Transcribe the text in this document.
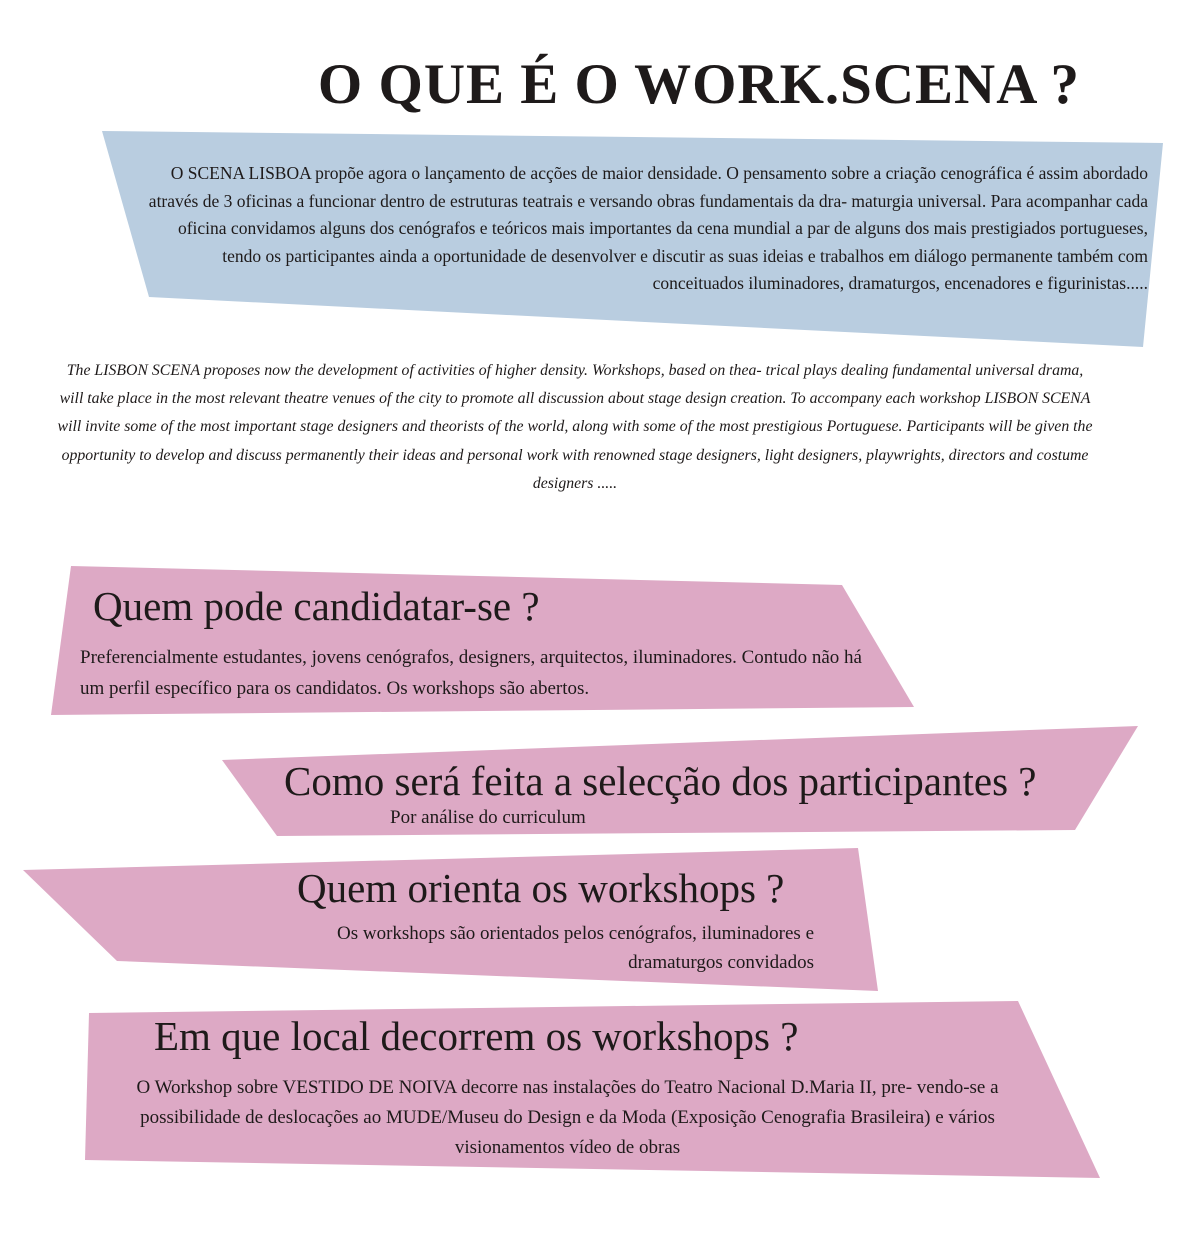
O QUE É O WORK.SCENA ?

O SCENA LISBOA propõe agora o lançamento de acções de maior densidade. O pensamento sobre a criação cenográfica é assim abordado através de 3 oficinas a funcionar dentro de estruturas teatrais e versando obras fundamentais da dra- maturgia universal. Para acompanhar cada oficina convidamos alguns dos cenógrafos e teóricos mais importantes da cena mundial a par de alguns dos mais prestigiados portugueses, tendo os participantes ainda a oportunidade de desenvolver e discutir as suas ideias e trabalhos em diálogo permanente também com conceituados iluminadores, dramaturgos, encenadores e figurinistas.....

The LISBON SCENA proposes now the development of activities of higher density. Workshops, based on thea- trical plays dealing fundamental universal drama, will take place in the most relevant theatre venues of the city to promote all discussion about stage design creation. To accompany each workshop LISBON SCENA will invite some of the most important stage designers and theorists of the world, along with some of the most prestigious Portuguese. Participants will be given the opportunity to develop and discuss permanently their ideas and personal work with renowned stage designers, light designers, playwrights, directors and costume designers .....

Quem pode candidatar-se ?

Preferencialmente estudantes, jovens cenógrafos, designers, arquitectos, iluminadores. Contudo não há um perfil específico para os candidatos. Os workshops são abertos.

Como será feita a selecção dos participantes ?

Por análise do curriculum

Quem orienta os workshops ?

Os workshops são orientados pelos cenógrafos, iluminadores e dramaturgos convidados

Em que local decorrem os workshops ?

O Workshop sobre VESTIDO DE NOIVA decorre nas instalações do Teatro Nacional D.Maria II, pre- vendo-se a possibilidade de deslocações ao MUDE/Museu do Design e da Moda (Exposição Cenografia Brasileira) e vários visionamentos vídeo de obras
